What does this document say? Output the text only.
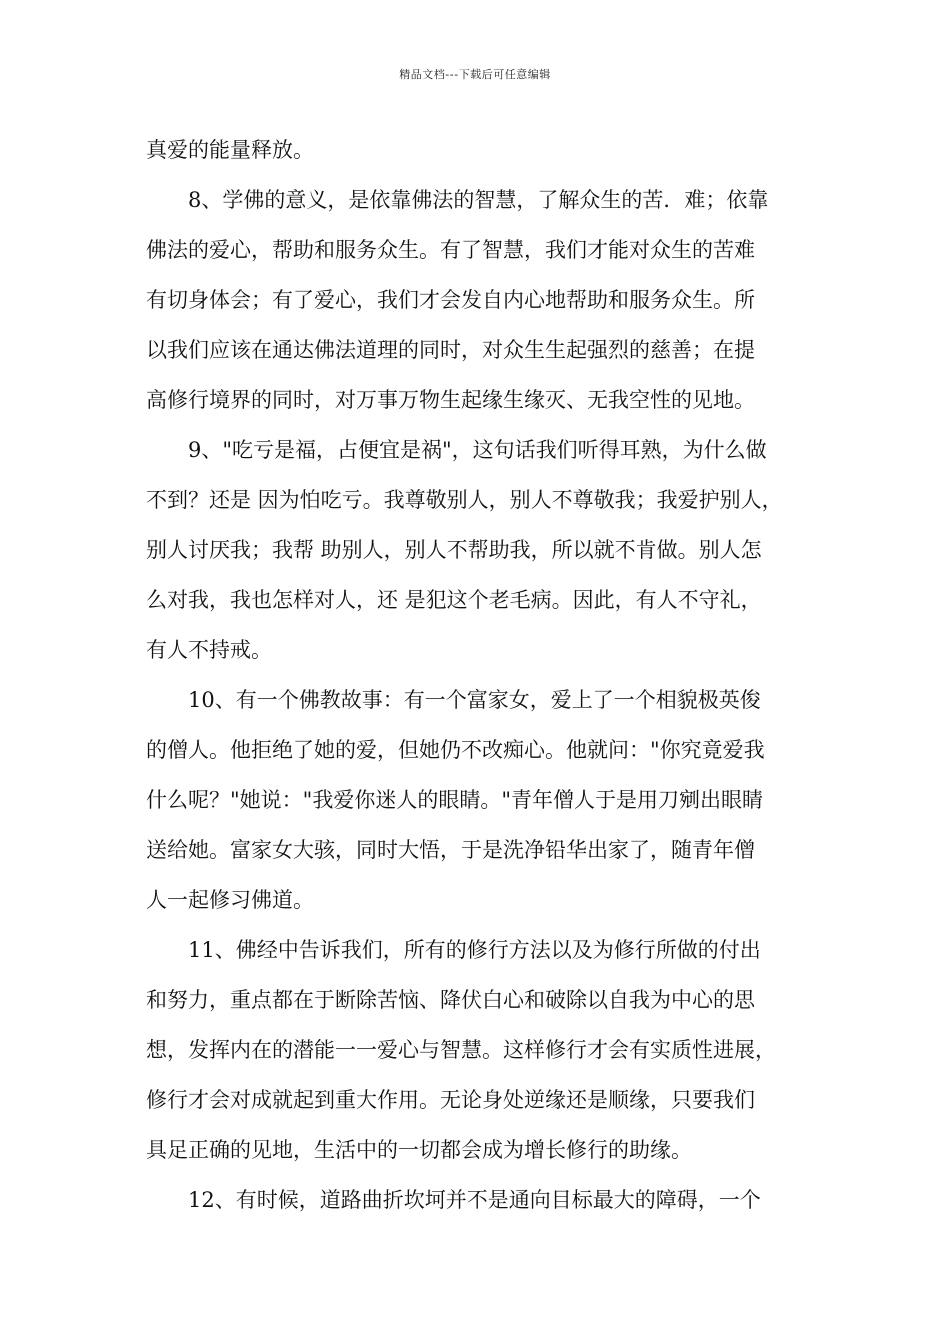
精品文档---下载后可任意编辑
真爱的能量释放。
8、学佛的意义，是依靠佛法的智慧，了解众生的苦．难；依靠
佛法的爱心，帮助和服务众生。有了智慧，我们才能对众生的苦难
有切身体会；有了爱心，我们才会发自内心地帮助和服务众生。所
以我们应该在通达佛法道理的同时，对众生生起强烈的慈善；在提
高修行境界的同时，对万事万物生起缘生缘灭、无我空性的见地。
9、"吃亏是福，占便宜是祸"，这句话我们听得耳熟，为什么做
不到？还是 因为怕吃亏。我尊敬别人，别人不尊敬我；我爱护别人，
别人讨厌我；我帮 助别人，别人不帮助我，所以就不肯做。别人怎
么对我，我也怎样对人，还 是犯这个老毛病。因此，有人不守礼，
有人不持戒。
10、有一个佛教故事：有一个富家女，爱上了一个相貌极英俊
的僧人。他拒绝了她的爱，但她仍不改痴心。他就问："你究竟爱我
什么呢？"她说："我爱你迷人的眼睛。"青年僧人于是用刀剜出眼睛
送给她。富家女大骇，同时大悟，于是洗净铅华出家了，随青年僧
人一起修习佛道。
11、佛经中告诉我们，所有的修行方法以及为修行所做的付出
和努力，重点都在于断除苦恼、降伏白心和破除以自我为中心的思
想，发挥内在的潜能一一爱心与智慧。这样修行才会有实质性进展，
修行才会对成就起到重大作用。无论身处逆缘还是顺缘，只要我们
具足正确的见地，生活中的一切都会成为增长修行的助缘。
12、有时候，道路曲折坎坷并不是通向目标最大的障碍，一个
